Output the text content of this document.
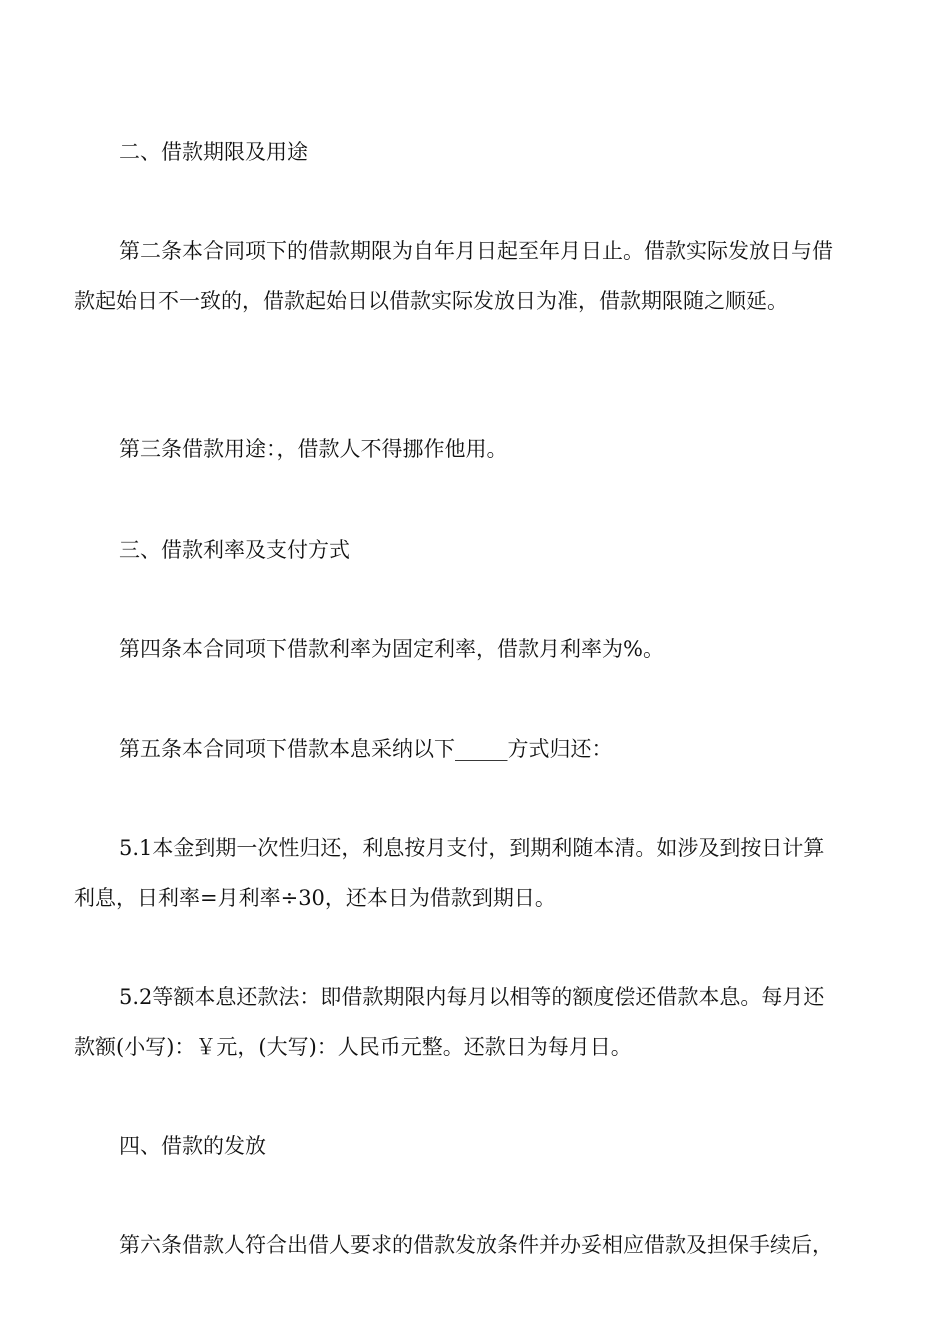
二、借款期限及用途
第二条本合同项下的借款期限为自年月日起至年月日止。借款实际发放日与借
款起始日不一致的，借款起始日以借款实际发放日为准，借款期限随之顺延。
第三条借款用途：，借款人不得挪作他用。
三、借款利率及支付方式
第四条本合同项下借款利率为固定利率，借款月利率为%。
第五条本合同项下借款本息采纳以下_____方式归还：
5.1本金到期一次性归还，利息按月支付，到期利随本清。如涉及到按日计算
利息，日利率=月利率÷30，还本日为借款到期日。
5.2等额本息还款法：即借款期限内每月以相等的额度偿还借款本息。每月还
款额(小写)：￥元，(大写)：人民币元整。还款日为每月日。
四、借款的发放
第六条借款人符合出借人要求的借款发放条件并办妥相应借款及担保手续后，
